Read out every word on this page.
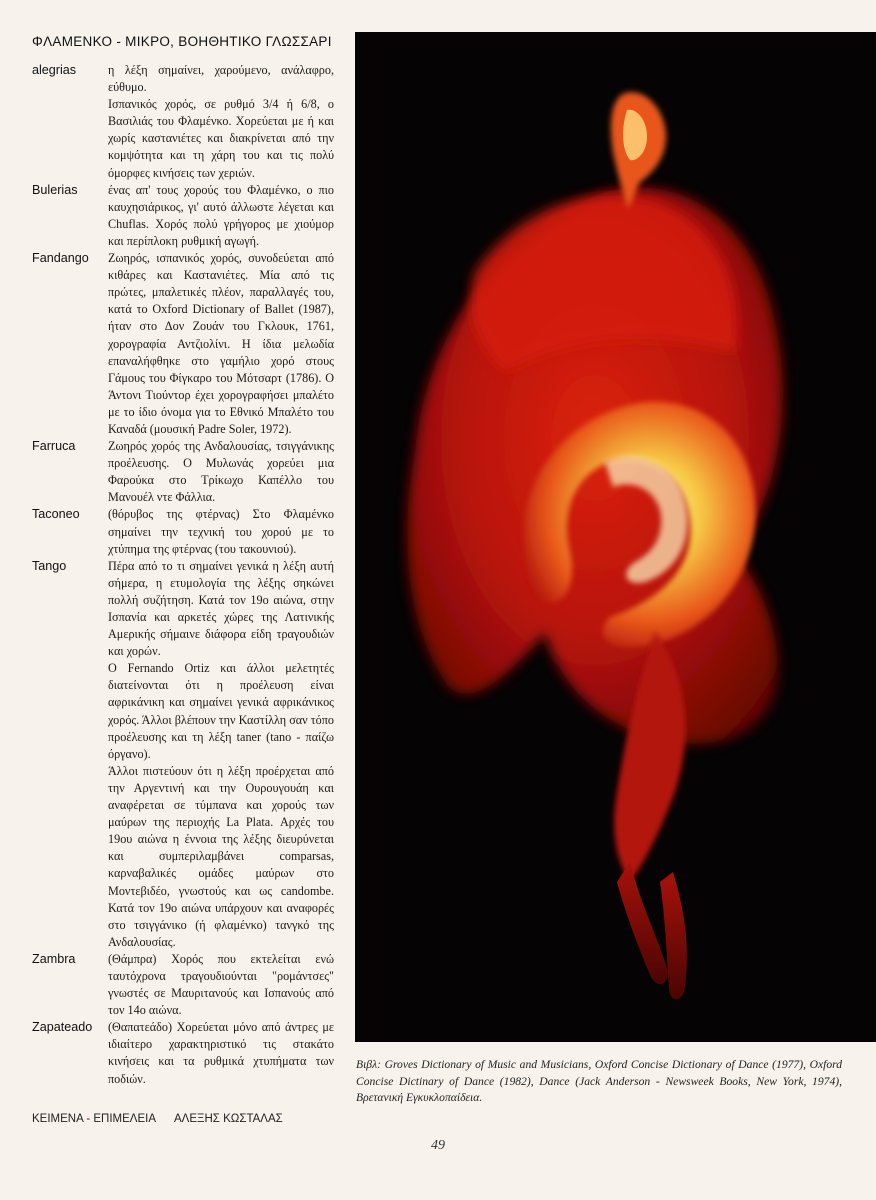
ΦΛΑΜΕΝΚΟ - ΜΙΚΡΟ, ΒΟΗΘΗΤΙΚΟ ΓΛΩΣΣΑΡΙ
alegrias	η λέξη σημαίνει, χαρούμενο, ανάλαφρο, εύθυμο.

Ισπανικός χορός, σε ρυθμό 3/4 ή 6/8, ο Βασιλιάς του Φλαμένκο. Χορεύεται με ή και χωρίς καστανιέτες και διακρίνεται από την κομψότητα και τη χάρη του και τις πολύ όμορφες κινήσεις των χεριών.

Bulerias	ένας απ' τους χορούς του Φλαμένκο, ο πιο καυχησιάρικος, γι' αυτό άλλωστε λέγεται και Chuflas. Χορός πολύ γρήγορος με χιούμορ και περίπλοκη ρυθμική αγωγή.

Fandango	Ζωηρός, ισπανικός χορός, συνοδεύεται από κιθάρες και Καστανιέτες. Μία από τις πρώτες, μπαλετικές πλέον, παραλλαγές του, κατά το Oxford Dictionary of Ballet (1987), ήταν στο Δον Ζουάν του Γκλουκ, 1761, χορογραφία Αντζιολίνι. Η ίδια μελωδία επαναλήφθηκε στο γαμήλιο χορό στους Γάμους του Φίγκαρο του Μότσαρτ (1786). Ο Άντονι Τιούντορ έχει χορογραφήσει μπαλέτο με το ίδιο όνομα για το Εθνικό Μπαλέτο του Καναδά (μουσική Padre Soler, 1972).

Farruca	Ζωηρός χορός της Ανδαλουσίας, τσιγγάνικης προέλευσης. Ο Μυλωνάς χορεύει μια Φαρούκα στο Τρίκωχο Καπέλλο του Μανουέλ ντε Φάλλια.

Taconeo	(θόρυβος της φτέρνας) Στο Φλαμένκο σημαίνει την τεχνική του χορού με το χτύπημα της φτέρνας (του τακουνιού).

Tango	Πέρα από το τι σημαίνει γενικά η λέξη αυτή σήμερα, η ετυμολογία της λέξης σηκώνει πολλή συζήτηση. Κατά τον 19ο αιώνα, στην Ισπανία και αρκετές χώρες της Λατινικής Αμερικής σήμαινε διάφορα είδη τραγουδιών και χορών.

Ο Fernando Ortiz και άλλοι μελετητές διατείνονται ότι η προέλευση είναι αφρικάνικη και σημαίνει γενικά αφρικάνικος χορός. Άλλοι βλέπουν την Καστίλλη σαν τόπο προέλευσης και τη λέξη taner (tano - παίζω όργανο).

Άλλοι πιστεύουν ότι η λέξη προέρχεται από την Αργεντινή και την Ουρουγουάη και αναφέρεται σε τύμπανα και χορούς των μαύρων της περιοχής La Plata. Αρχές του 19ου αιώνα η έννοια της λέξης διευρύνεται και συμπεριλαμβάνει comparsas, καρναβαλικές ομάδες μαύρων στο Μοντεβιδέο, γνωστούς και ως candombe. Κατά τον 19ο αιώνα υπάρχουν και αναφορές στο τσιγγάνικο (ή φλαμένκο) τανγκό της Ανδαλουσίας.

Zambra	(Θάμπρα) Χορός που εκτελείται ενώ ταυτόχρονα τραγουδιούνται "ρομάντσες" γνωστές σε Μαυριτανούς και Ισπανούς από τον 14ο αιώνα.

Zapateado	(Θαπατεάδο) Χορεύεται μόνο από άντρες με ιδιαίτερο χαρακτηριστικό τις στακάτο κινήσεις και τα ρυθμικά χτυπήματα των ποδιών.

ΚΕΙΜΕΝΑ - ΕΠΙΜΕΛΕΙΑ ΑΛΕΞΗΣ ΚΩΣΤΑΛΑΣ
Βιβλ: Groves Dictionary of Music and Musicians, Oxford Concise Dictionary of Dance (1977), Oxford Concise Dictinary of Dance (1982), Dance (Jack Anderson - Newsweek Books, New York, 1974), Βρετανική Εγκυκλοπαίδεια.
49
